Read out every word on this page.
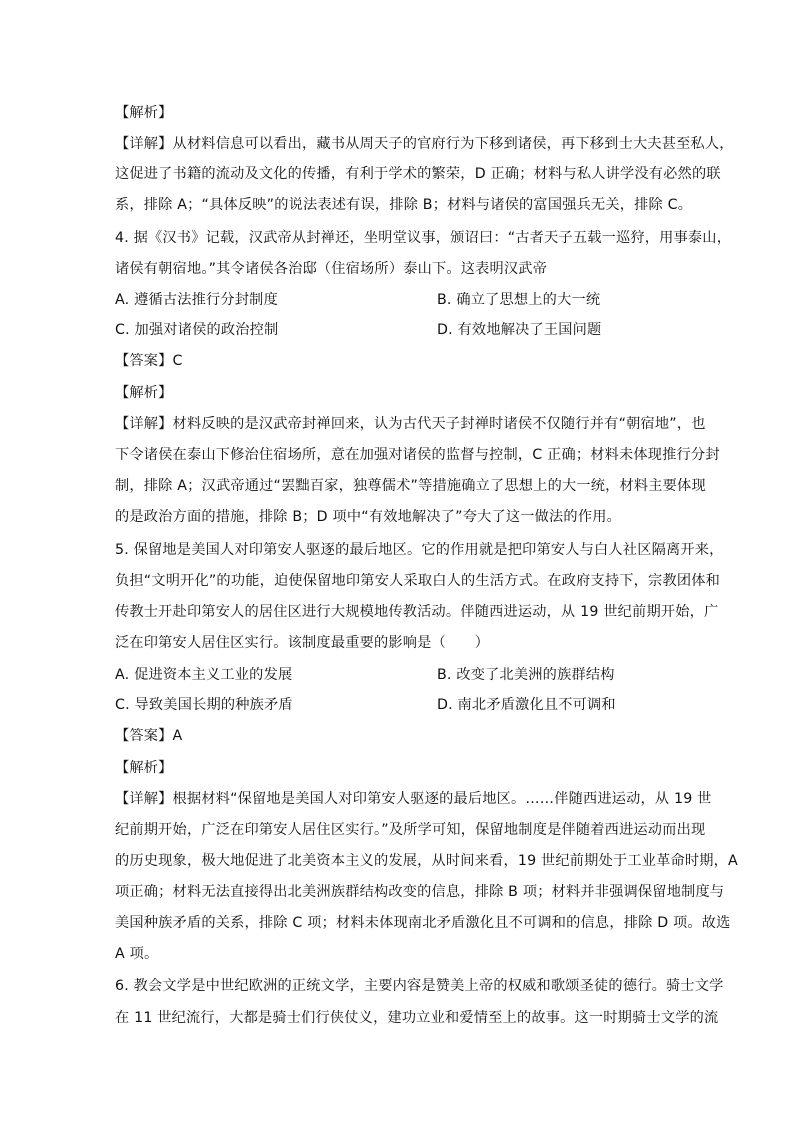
【解析】
【详解】从材料信息可以看出，藏书从周天子的官府行为下移到诸侯，再下移到士大夫甚至私人，
这促进了书籍的流动及文化的传播，有利于学术的繁荣，D 正确；材料与私人讲学没有必然的联
系，排除 A；“具体反映”的说法表述有误，排除 B；材料与诸侯的富国强兵无关，排除 C。
4. 据《汉书》记载，汉武帝从封禅还，坐明堂议事，颁诏曰：“古者天子五载一巡狩，用事泰山，
诸侯有朝宿地。”其令诸侯各治邸（住宿场所）泰山下。这表明汉武帝
A. 遵循古法推行分封制度	B. 确立了思想上的大一统
C. 加强对诸侯的政治控制	D. 有效地解决了王国问题
【答案】C
【解析】
【详解】材料反映的是汉武帝封禅回来，认为古代天子封禅时诸侯不仅随行并有“朝宿地”，也
下令诸侯在泰山下修治住宿场所，意在加强对诸侯的监督与控制，C 正确；材料未体现推行分封
制，排除 A；汉武帝通过“罢黜百家，独尊儒术”等措施确立了思想上的大一统，材料主要体现
的是政治方面的措施，排除 B；D 项中“有效地解决了”夸大了这一做法的作用。
5. 保留地是美国人对印第安人驱逐的最后地区。它的作用就是把印第安人与白人社区隔离开来，
负担“文明开化”的功能，迫使保留地印第安人采取白人的生活方式。在政府支持下，宗教团体和
传教士开赴印第安人的居住区进行大规模地传教活动。伴随西进运动，从 19 世纪前期开始，广
泛在印第安人居住区实行。该制度最重要的影响是（　　）
A. 促进资本主义工业的发展	B. 改变了北美洲的族群结构
C. 导致美国长期的种族矛盾	D. 南北矛盾激化且不可调和
【答案】A
【解析】
【详解】根据材料“保留地是美国人对印第安人驱逐的最后地区。……伴随西进运动，从 19 世
纪前期开始，广泛在印第安人居住区实行。”及所学可知，保留地制度是伴随着西进运动而出现
的历史现象，极大地促进了北美资本主义的发展，从时间来看，19 世纪前期处于工业革命时期，A
项正确；材料无法直接得出北美洲族群结构改变的信息，排除 B 项；材料并非强调保留地制度与
美国种族矛盾的关系，排除 C 项；材料未体现南北矛盾激化且不可调和的信息，排除 D 项。故选
A 项。
6. 教会文学是中世纪欧洲的正统文学，主要内容是赞美上帝的权威和歌颂圣徒的德行。骑士文学
在 11 世纪流行，大都是骑士们行侠仗义，建功立业和爱情至上的故事。这一时期骑士文学的流
